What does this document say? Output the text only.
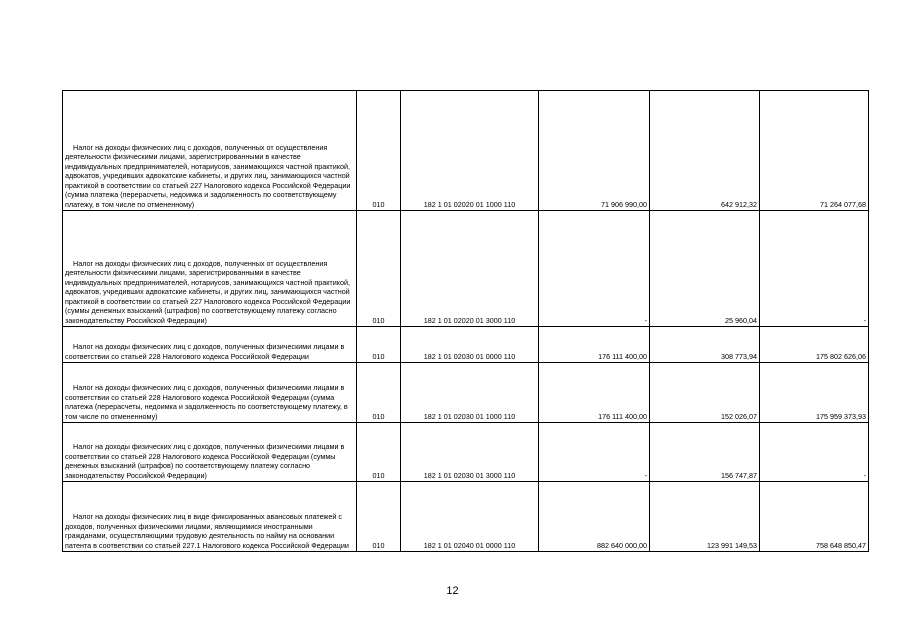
Налог на доходы физических лиц с доходов, полученных от осуществления деятельности физическими лицами, зарегистрированными в качестве индивидуальных предпринимателей, нотариусов, занимающихся частной практикой, адвокатов, учредивших адвокатские кабинеты, и других лиц, занимающихся частной практикой в соответствии со статьей 227 Налогового кодекса Российской Федерации (сумма платежа (перерасчеты, недоимка и задолженность по соответствующему платежу, в том числе по отмененному)	010	182 1 01 02020 01 1000 110	71 906 990,00	642 912,32	71 264 077,68

Налог на доходы физических лиц с доходов, полученных от осуществления деятельности физическими лицами, зарегистрированными в качестве индивидуальных предпринимателей, нотариусов, занимающихся частной практикой, адвокатов, учредивших адвокатские кабинеты, и других лиц, занимающихся частной практикой в соответствии со статьей 227 Налогового кодекса Российской Федерации (суммы денежных взысканий (штрафов) по соответствующему платежу согласно законодательству Российской Федерации)	010	182 1 01 02020 01 3000 110	-	25 960,04	-

Налог на доходы физических лиц с доходов, полученных физическими лицами в соответствии со статьей 228 Налогового кодекса Российской Федерации	010	182 1 01 02030 01 0000 110	176 111 400,00	308 773,94	175 802 626,06

Налог на доходы физических лиц с доходов, полученных физическими лицами в соответствии со статьей 228 Налогового кодекса Российской Федерации (сумма платежа (перерасчеты, недоимка и задолженность по соответствующему платежу, в том числе по отмененному)	010	182 1 01 02030 01 1000 110	176 111 400,00	152 026,07	175 959 373,93

Налог на доходы физических лиц с доходов, полученных физическими лицами в соответствии со статьей 228 Налогового кодекса Российской Федерации (суммы денежных взысканий (штрафов) по соответствующему платежу согласно законодательству Российской Федерации)	010	182 1 01 02030 01 3000 110	-	156 747,87	-

Налог на доходы физических лиц в виде фиксированных авансовых платежей с доходов, полученных физическими лицами, являющимися иностранными гражданами, осуществляющими трудовую деятельность по найму на основании патента в соответствии со статьей 227.1 Налогового кодекса Российской Федерации	010	182 1 01 02040 01 0000 110	882 640 000,00	123 991 149,53	758 648 850,47
12
